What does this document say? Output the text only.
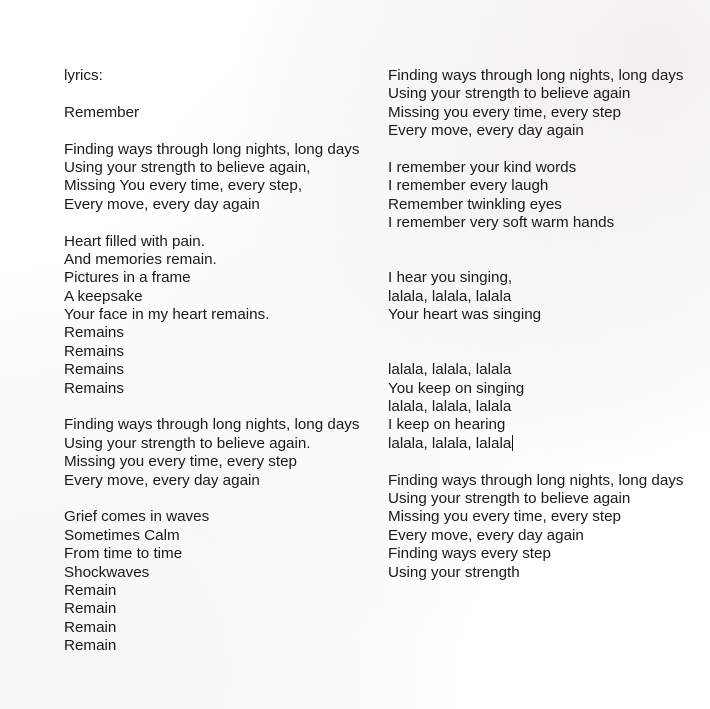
lyrics:
Remember
Finding ways through long nights, long days
Using your strength to believe again,
Missing You every time, every step,
Every move, every day again
Heart filled with pain.
And memories remain.
Pictures in a frame
A keepsake
Your face in my heart remains.
Remains
Remains
Remains
Remains
Finding ways through long nights, long days
Using your strength to believe again.
Missing you every time, every step
Every move, every day again
Grief comes in waves
Sometimes Calm
From time to time
Shockwaves
Remain
Remain
Remain
Remain
Finding ways through long nights, long days
Using your strength to believe again
Missing you every time, every step
Every move, every day again
I remember your kind words
I remember every laugh
Remember twinkling eyes
I remember very soft warm hands
I hear you singing,
lalala, lalala, lalala
Your heart was singing
lalala, lalala, lalala
You keep on singing
lalala, lalala, lalala
I keep on hearing
lalala, lalala, lalala
Finding ways through long nights, long days
Using your strength to believe again
Missing you every time, every step
Every move, every day again
Finding ways every step
Using your strength
